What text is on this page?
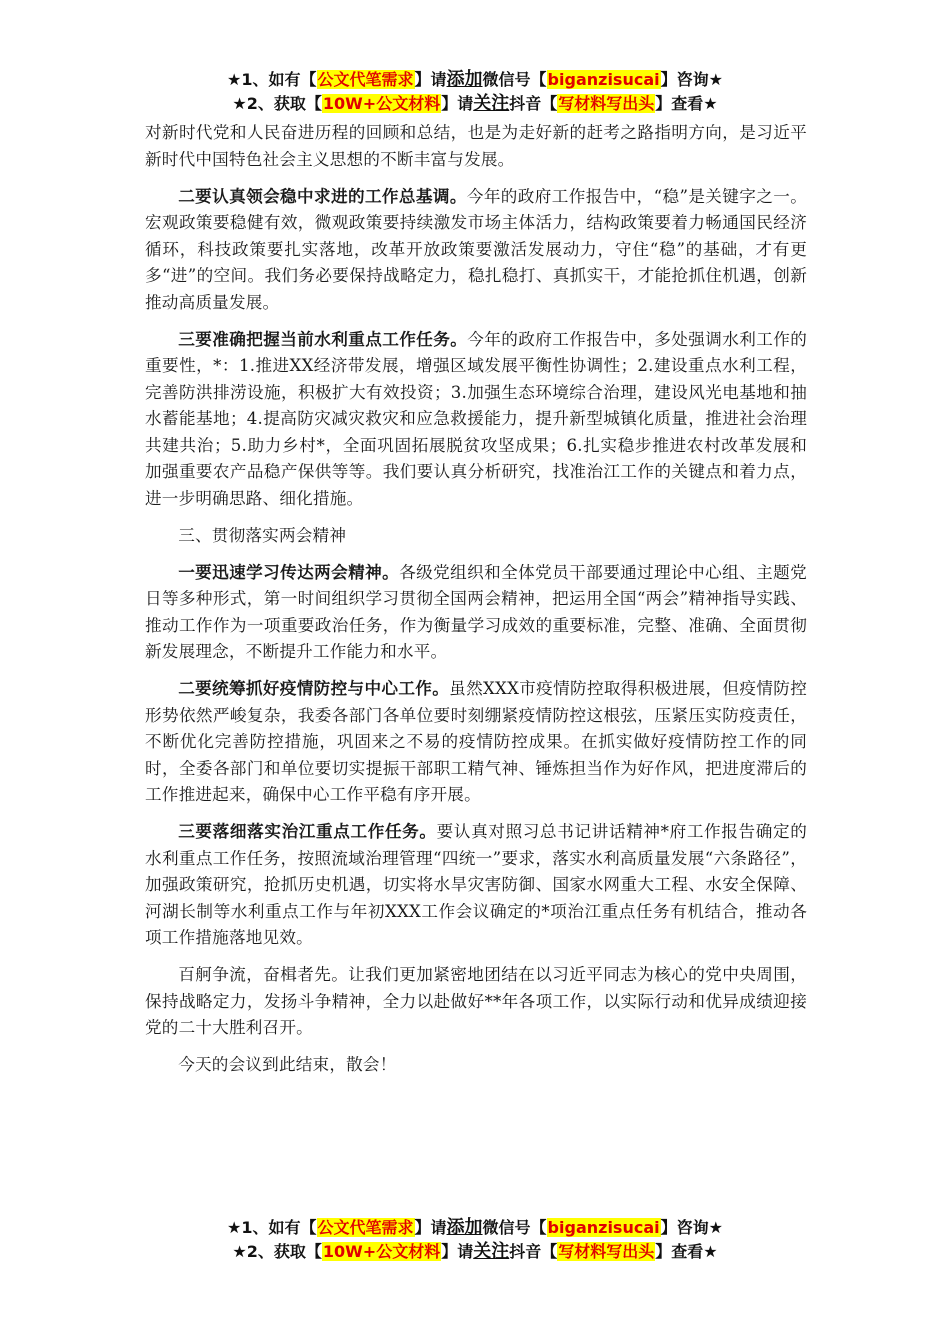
★1、如有【公文代笔需求】请添加微信号【biganzisucai】咨询★
★2、获取【10W+公文材料】请关注抖音【写材料写出头】查看★

对新时代党和人民奋进历程的回顾和总结，也是为走好新的赶考之路指明方向，是习近平新时代中国特色社会主义思想的不断丰富与发展。

二要认真领会稳中求进的工作总基调。今年的政府工作报告中，“稳”是关键字之一。宏观政策要稳健有效，微观政策要持续激发市场主体活力，结构政策要着力畅通国民经济循环，科技政策要扎实落地，改革开放政策要激活发展动力，守住“稳”的基础，才有更多“进”的空间。我们务必要保持战略定力，稳扎稳打、真抓实干，才能抢抓住机遇，创新推动高质量发展。

三要准确把握当前水利重点工作任务。今年的政府工作报告中，多处强调水利工作的重要性，*：1.推进XX经济带发展，增强区域发展平衡性协调性；2.建设重点水利工程，完善防洪排涝设施，积极扩大有效投资；3.加强生态环境综合治理，建设风光电基地和抽水蓄能基地；4.提高防灾减灾救灾和应急救援能力，提升新型城镇化质量，推进社会治理共建共治；5.助力乡村*，全面巩固拓展脱贫攻坚成果；6.扎实稳步推进农村改革发展和加强重要农产品稳产保供等等。我们要认真分析研究，找准治江工作的关键点和着力点，进一步明确思路、细化措施。

三、贯彻落实两会精神

一要迅速学习传达两会精神。各级党组织和全体党员干部要通过理论中心组、主题党日等多种形式，第一时间组织学习贯彻全国两会精神，把运用全国“两会”精神指导实践、推动工作作为一项重要政治任务，作为衡量学习成效的重要标准，完整、准确、全面贯彻新发展理念，不断提升工作能力和水平。

二要统筹抓好疫情防控与中心工作。虽然XXX市疫情防控取得积极进展，但疫情防控形势依然严峻复杂，我委各部门各单位要时刻绷紧疫情防控这根弦，压紧压实防疫责任，不断优化完善防控措施，巩固来之不易的疫情防控成果。在抓实做好疫情防控工作的同时，全委各部门和单位要切实提振干部职工精气神、锤炼担当作为好作风，把进度滞后的工作推进起来，确保中心工作平稳有序开展。

三要落细落实治江重点工作任务。要认真对照习总书记讲话精神*府工作报告确定的水利重点工作任务，按照流域治理管理“四统一”要求，落实水利高质量发展“六条路径”，加强政策研究，抢抓历史机遇，切实将水旱灾害防御、国家水网重大工程、水安全保障、河湖长制等水利重点工作与年初XXX工作会议确定的*项治江重点任务有机结合，推动各项工作措施落地见效。

百舸争流，奋楫者先。让我们更加紧密地团结在以习近平同志为核心的党中央周围，保持战略定力，发扬斗争精神，全力以赴做好**年各项工作，以实际行动和优异成绩迎接党的二十大胜利召开。

今天的会议到此结束，散会！

★1、如有【公文代笔需求】请添加微信号【biganzisucai】咨询★
★2、获取【10W+公文材料】请关注抖音【写材料写出头】查看★
